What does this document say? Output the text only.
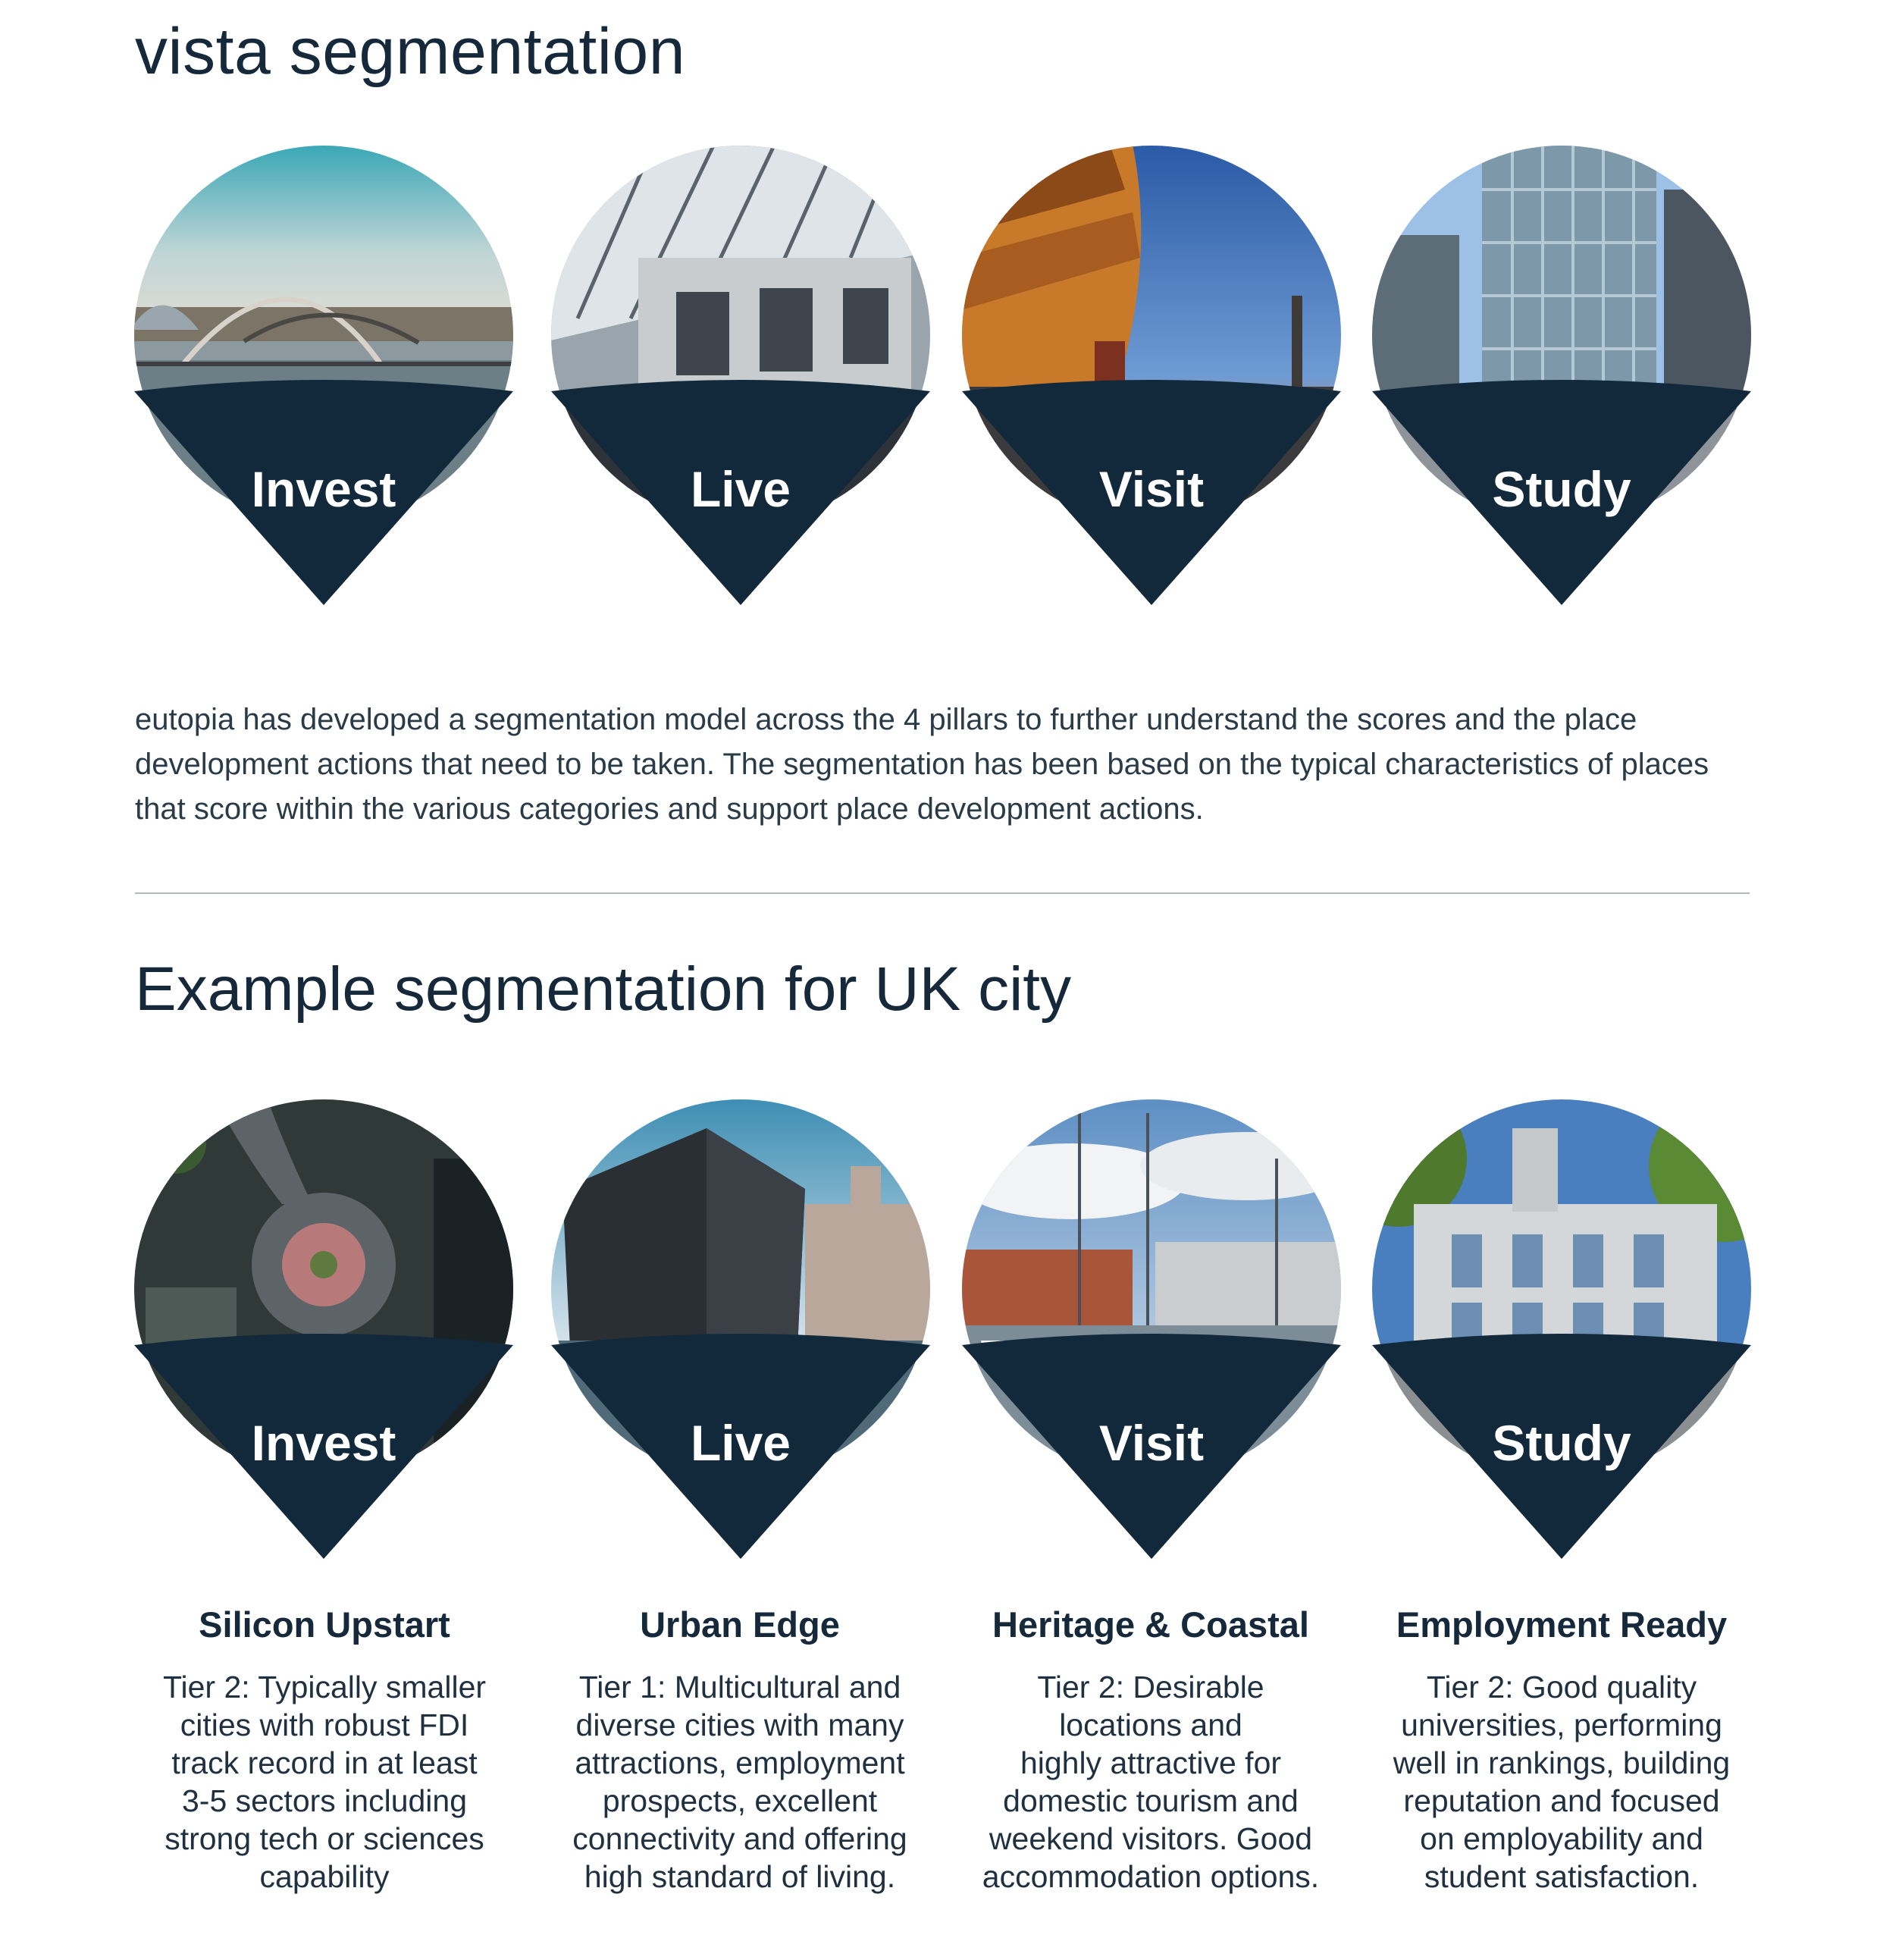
vista segmentation
Invest	Live	Visit	Study

eutopia has developed a segmentation model across the 4 pillars to further understand the scores and the place development actions that need to be taken. The segmentation has been based on the typical characteristics of places that score within the various categories and support place development actions.

Example segmentation for UK city
Invest	Live	Visit	Study

Silicon Upstart

Tier 2: Typically smaller
cities with robust FDI
track record in at least
3-5 sectors including
strong tech or sciences
capability

Urban Edge

Tier 1: Multicultural and
diverse cities with many
attractions, employment
prospects, excellent
connectivity and offering
high standard of living.

Heritage & Coastal

Tier 2: Desirable
locations and
highly attractive for
domestic tourism and
weekend visitors. Good
accommodation options.

Employment Ready

Tier 2: Good quality
universities, performing
well in rankings, building
reputation and focused
on employability and
student satisfaction.
